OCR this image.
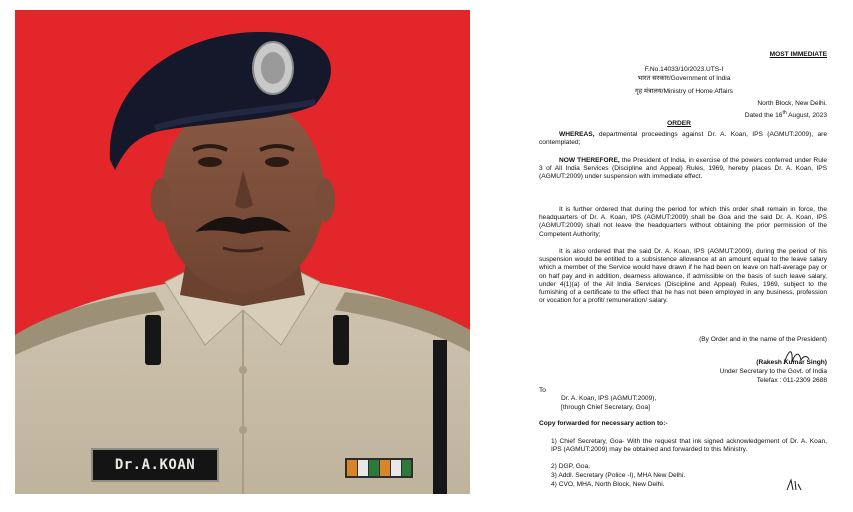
Dr.A.KOAN
MOST IMMEDIATE
F.No.14033/10/2023.UTS-I
भारत सरकार/Government of India
गृह मंत्रालय/Ministry of Home Affairs
North Block, New Delhi.
Dated the 16th August, 2023
ORDER
WHEREAS, departmental proceedings against Dr. A. Koan, IPS (AGMUT:2009), are contemplated;
NOW THEREFORE, the President of India, in exercise of the powers conferred under Rule 3 of All India Services (Discipline and Appeal) Rules, 1969, hereby places Dr. A. Koan, IPS (AGMUT:2009) under suspension with immediate effect.
It is further ordered that during the period for which this order shall remain in force, the headquarters of Dr. A. Koan, IPS (AGMUT:2009) shall be Goa and the said Dr. A. Koan, IPS (AGMUT:2009) shall not leave the headquarters without obtaining the prior permission of the Competent Authority;
It is also ordered that the said Dr. A. Koan, IPS (AGMUT:2009), during the period of his suspension would be entitled to a subsistence allowance at an amount equal to the leave salary which a member of the Service would have drawn if he had been on leave on half-average pay or on half pay and in addition, dearness allowance, if admissible on the basis of such leave salary, under 4(1)(a) of the All India Services (Discipline and Appeal) Rules, 1969, subject to the furnishing of a certificate to the effect that he has not been employed in any business, profession or vocation for a profit/ remuneration/ salary.
(By Order and in the name of the President)
(Rakesh Kumar Singh)
Under Secretary to the Govt. of India
Telefax : 011-2309 2688
To
Dr. A. Koan, IPS (AGMUT:2009),
[through Chief Secretary, Goa]
Copy forwarded for necessary action to:-
1) Chief Secretary, Goa- With the request that ink signed acknowledgement of Dr. A. Koan, IPS (AGMUT:2009) may be obtained and forwarded to this Ministry.
2) DGP, Goa.
3) Addl. Secretary (Police -I), MHA New Delhi.
4) CVO, MHA, North Block, New Delhi.
